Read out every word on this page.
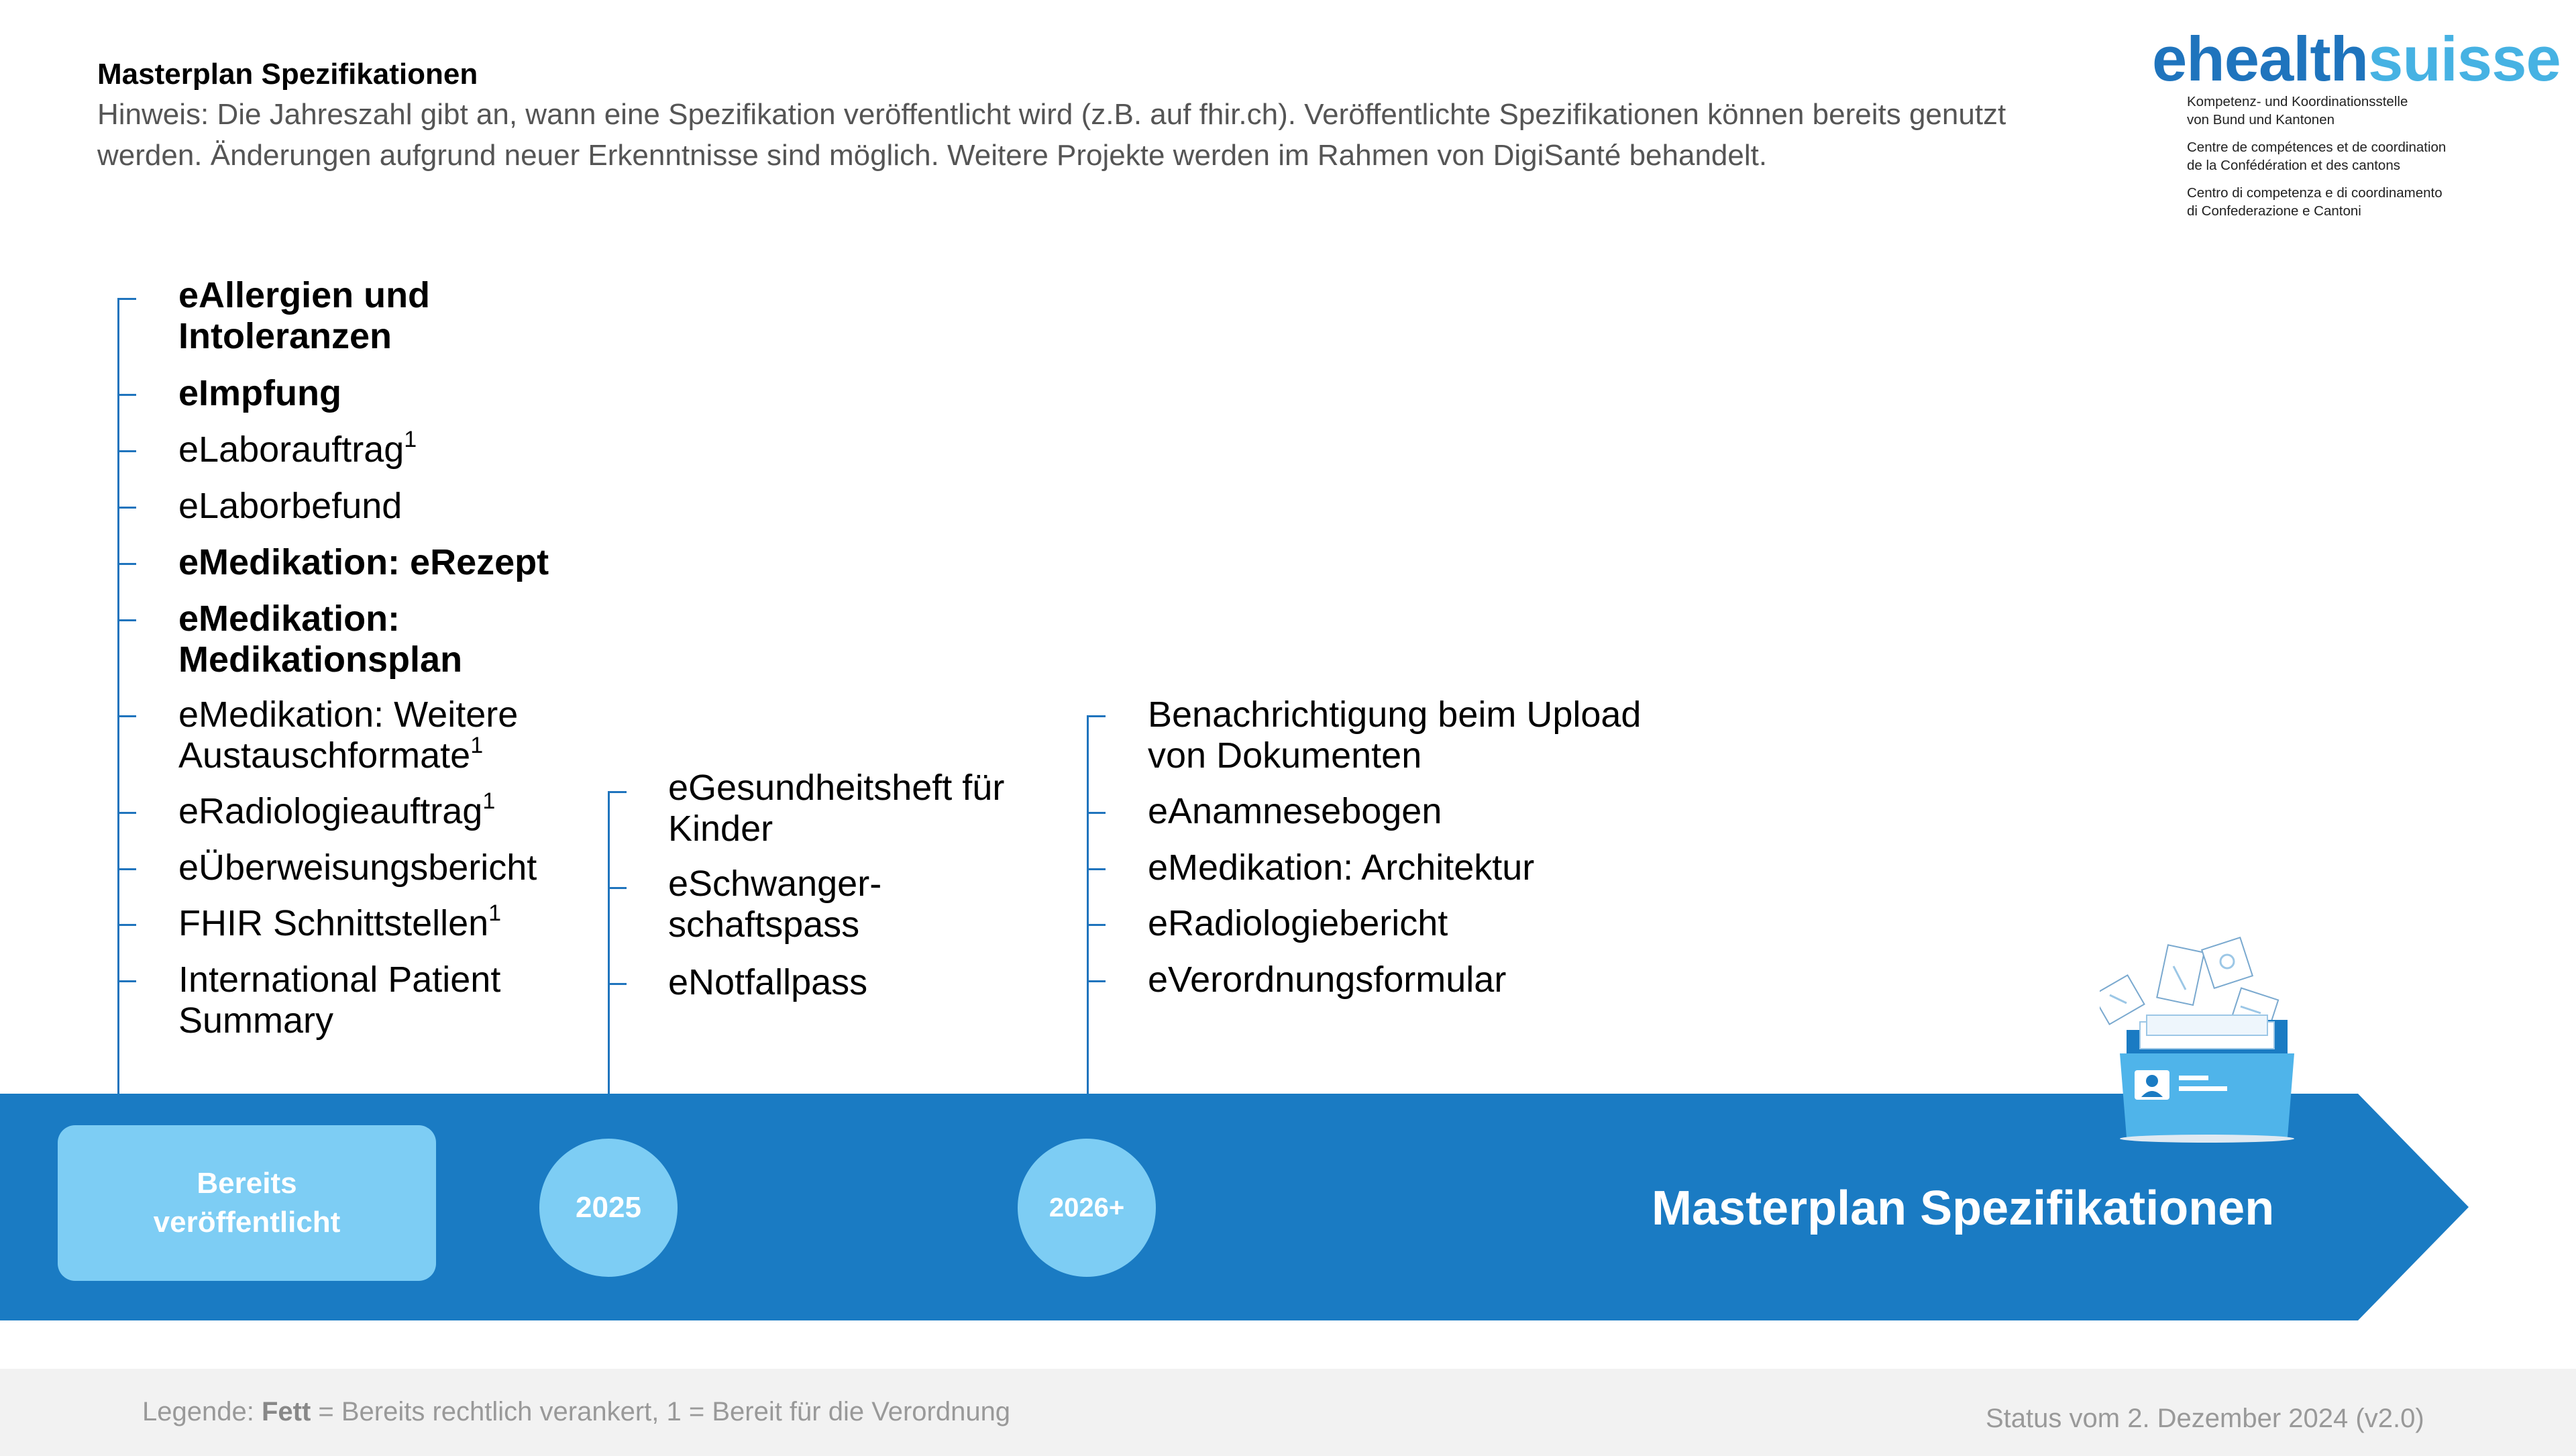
Masterplan Spezifikationen
Hinweis: Die Jahreszahl gibt an, wann eine Spezifikation veröffentlicht wird (z.B. auf fhir.ch). Veröffentlichte Spezifikationen können bereits genutzt werden. Änderungen aufgrund neuer Erkenntnisse sind möglich. Weitere Projekte werden im Rahmen von DigiSanté behandelt.
ehealthsuisse
Kompetenz- und Koordinationsstelle
von Bund und Kantonen
Centre de compétences et de coordination
de la Confédération et des cantons
Centro di competenza e di coordinamento
di Confederazione e Cantoni
eAllergien und
Intoleranzen
eImpfung
eLaborauftrag$^1$
eLaborbefund
eMedikation: eRezept
eMedikation:
Medikationsplan
eMedikation: Weitere
Austauschformate$^1$
eRadiologieauftrag$^1$
eÜberweisungsbericht
FHIR Schnittstellen$^1$
International Patient
Summary
eGesundheitsheft für
Kinder
eSchwanger-
schaftspass
eNotfallpass
Benachrichtigung beim Upload
von Dokumenten
eAnamnesebogen
eMedikation: Architektur
eRadiologiebericht
eVerordnungsformular
Bereits
veröffentlicht	2025	2026+	Masterplan Spezifikationen
Legende: Fett = Bereits rechtlich verankert, 1 = Bereit für die Verordnung	Status vom 2. Dezember 2024 (v2.0)
